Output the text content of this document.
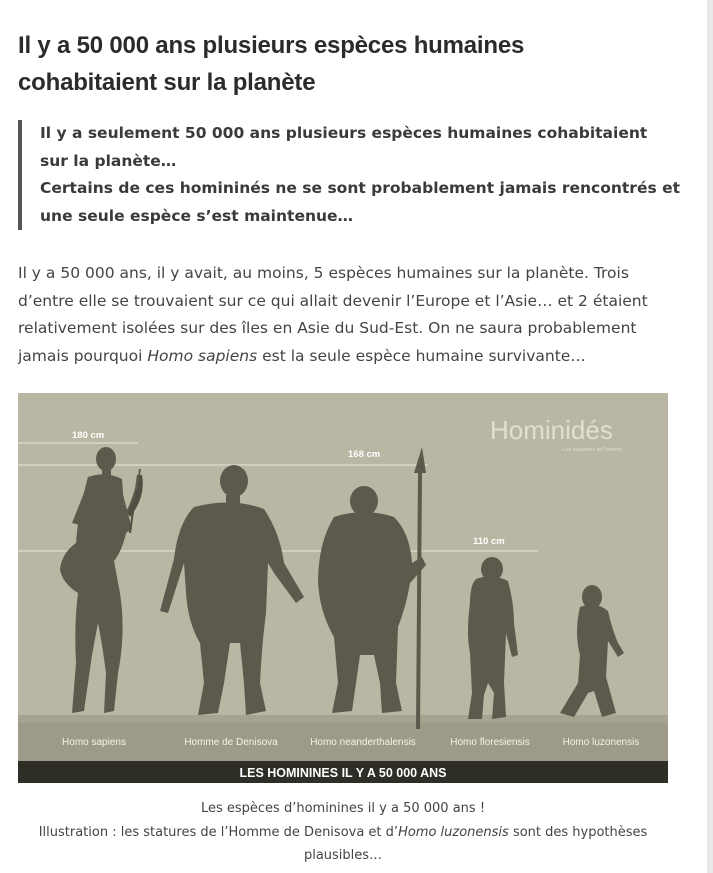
Il y a 50 000 ans plusieurs espèces humaines cohabitaient sur la planète

Il y a seulement 50 000 ans plusieurs espèces humaines cohabitaient sur la planète…

Certains de ces homininés ne se sont probablement jamais rencontrés et une seule espèce s’est maintenue…

Il y a 50 000 ans, il y avait, au moins, 5 espèces humaines sur la planète. Trois d’entre elle se trouvaient sur ce qui allait devenir l’Europe et l’Asie… et 2 étaient relativement isolées sur des îles en Asie du Sud-Est. On ne saura probablement jamais pourquoi Homo sapiens est la seule espèce humaine survivante…

180 cm
168 cm
110 cm
Hominidés
Les évolutions de l'homme
Homo sapiens	Homme de Denisova	Homo neanderthalensis	Homo floresiensis	Homo luzonensis
LES HOMININES IL Y A 50 000 ANS
Les espèces d’hominines il y a 50 000 ans !
Illustration : les statures de l’Homme de Denisova et d’Homo luzonensis sont des hypothèses plausibles…
